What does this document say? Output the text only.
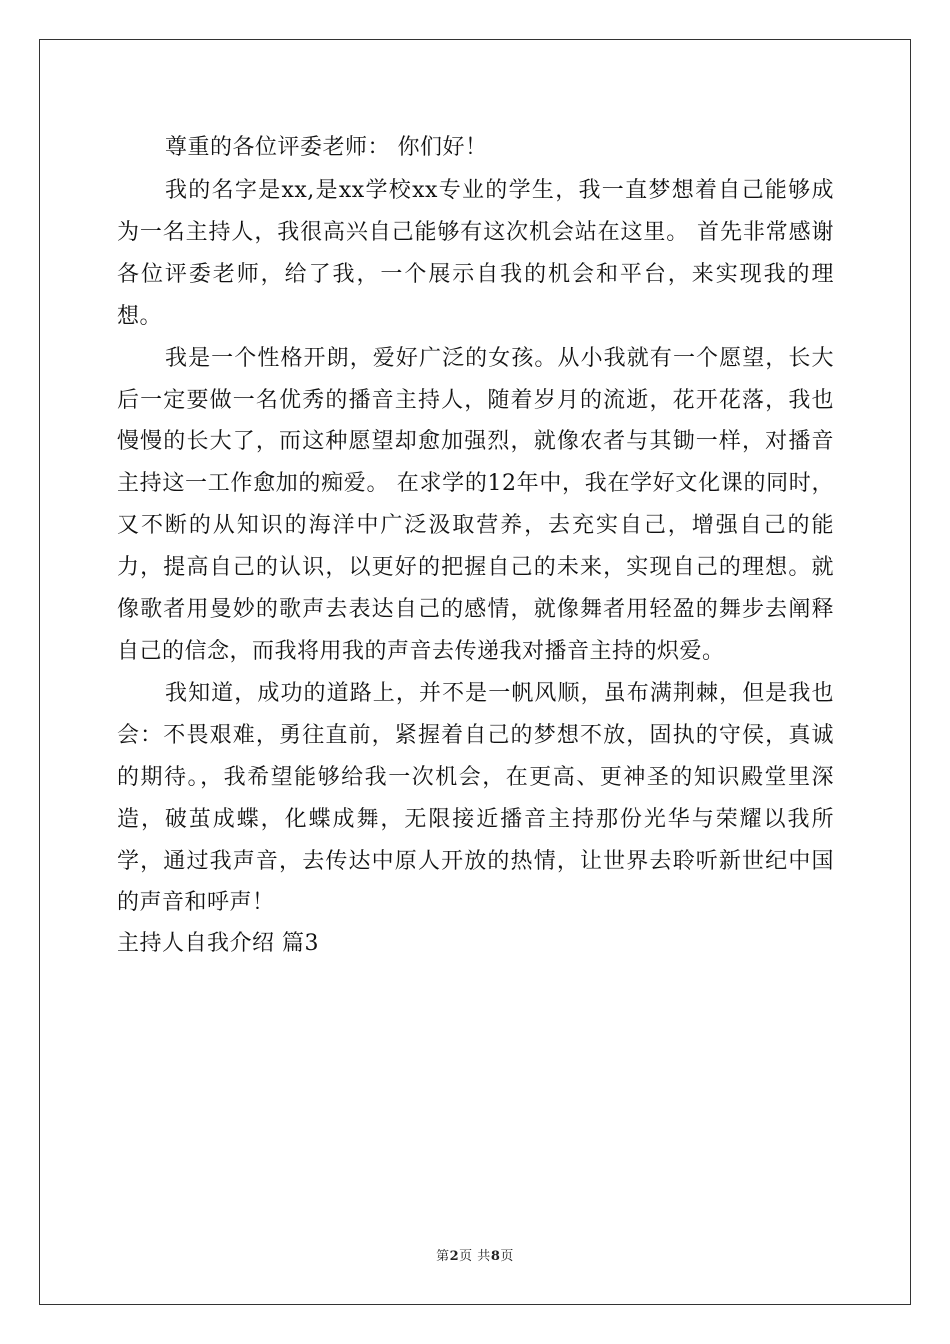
尊重的各位评委老师： 你们好！

我的名字是xx,是xx学校xx专业的学生，我一直梦想着自己能够成为一名主持人，我很高兴自己能够有这次机会站在这里。 首先非常感谢各位评委老师，给了我，一个展示自我的机会和平台，来实现我的理想。

我是一个性格开朗，爱好广泛的女孩。从小我就有一个愿望，长大后一定要做一名优秀的播音主持人，随着岁月的流逝，花开花落，我也慢慢的长大了，而这种愿望却愈加强烈，就像农者与其锄一样，对播音主持这一工作愈加的痴爱。 在求学的12年中，我在学好文化课的同时，又不断的从知识的海洋中广泛汲取营养，去充实自己，增强自己的能力，提高自己的认识，以更好的把握自己的未来，实现自己的理想。就像歌者用曼妙的歌声去表达自己的感情，就像舞者用轻盈的舞步去阐释自己的信念，而我将用我的声音去传递我对播音主持的炽爱。

我知道，成功的道路上，并不是一帆风顺，虽布满荆棘，但是我也会：不畏艰难，勇往直前，紧握着自己的梦想不放，固执的守侯，真诚的期待。，我希望能够给我一次机会，在更高、更神圣的知识殿堂里深造，破茧成蝶，化蝶成舞，无限接近播音主持那份光华与荣耀以我所学，通过我声音，去传达中原人开放的热情，让世界去聆听新世纪中国的声音和呼声！

主持人自我介绍 篇3

第2页 共8页
